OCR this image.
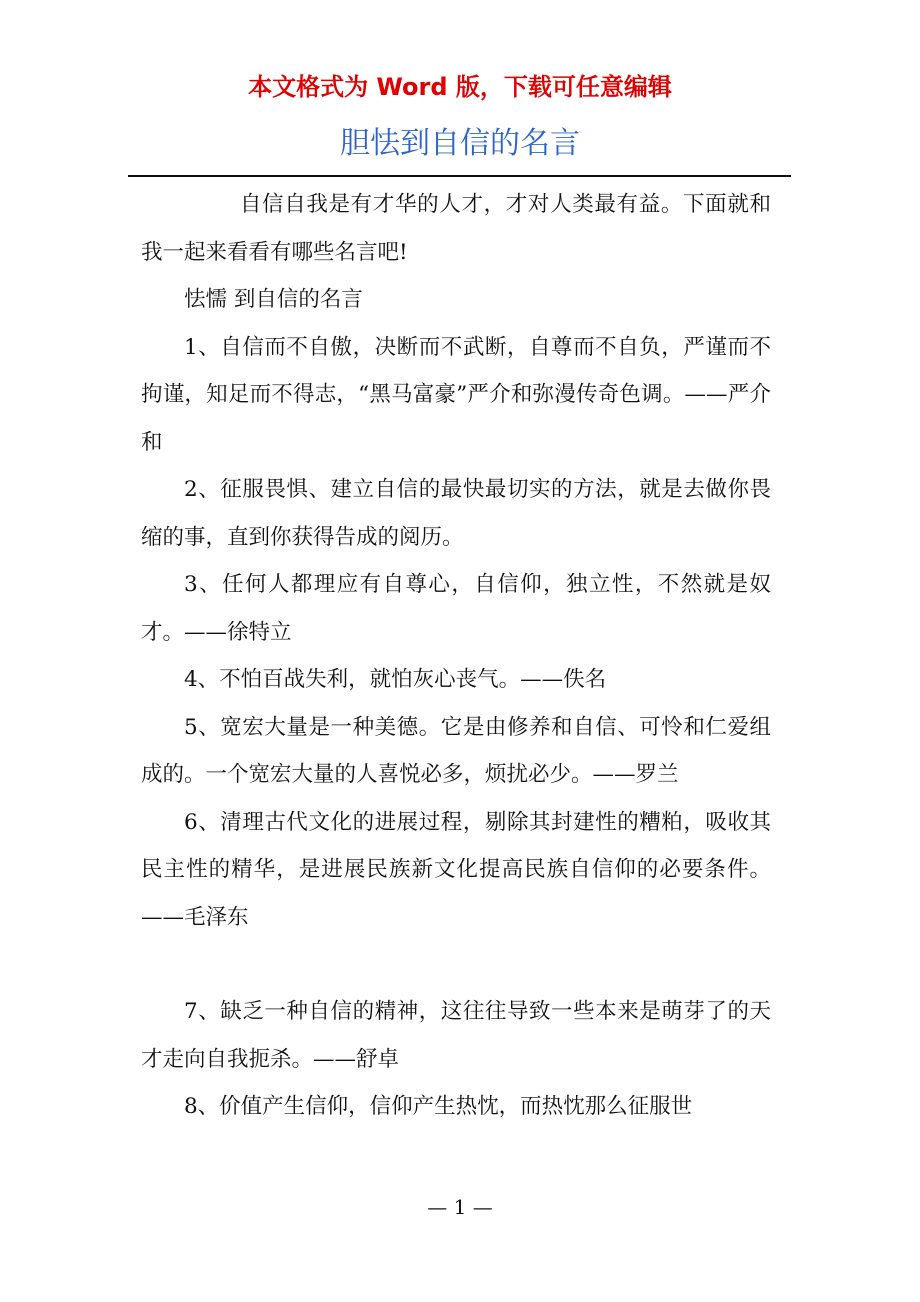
本文格式为 Word 版，下载可任意编辑
胆怯到自信的名言

自信自我是有才华的人才，才对人类最有益。下面就和我一起来看看有哪些名言吧!

怯懦 到自信的名言

1、自信而不自傲，决断而不武断，自尊而不自负，严谨而不拘谨，知足而不得志，“黑马富豪”严介和弥漫传奇色调。——严介和

2、征服畏惧、建立自信的最快最切实的方法，就是去做你畏缩的事，直到你获得告成的阅历。

3、任何人都理应有自尊心，自信仰，独立性，不然就是奴才。——徐特立

4、不怕百战失利，就怕灰心丧气。——佚名

5、宽宏大量是一种美德。它是由修养和自信、可怜和仁爱组成的。一个宽宏大量的人喜悦必多，烦扰必少。——罗兰

6、清理古代文化的进展过程，剔除其封建性的糟粕，吸收其民主性的精华，是进展民族新文化提高民族自信仰的必要条件。——毛泽东

7、缺乏一种自信的精神，这往往导致一些本来是萌芽了的天才走向自我扼杀。——舒卓

8、价值产生信仰，信仰产生热忱，而热忱那么征服世

— 1 —
